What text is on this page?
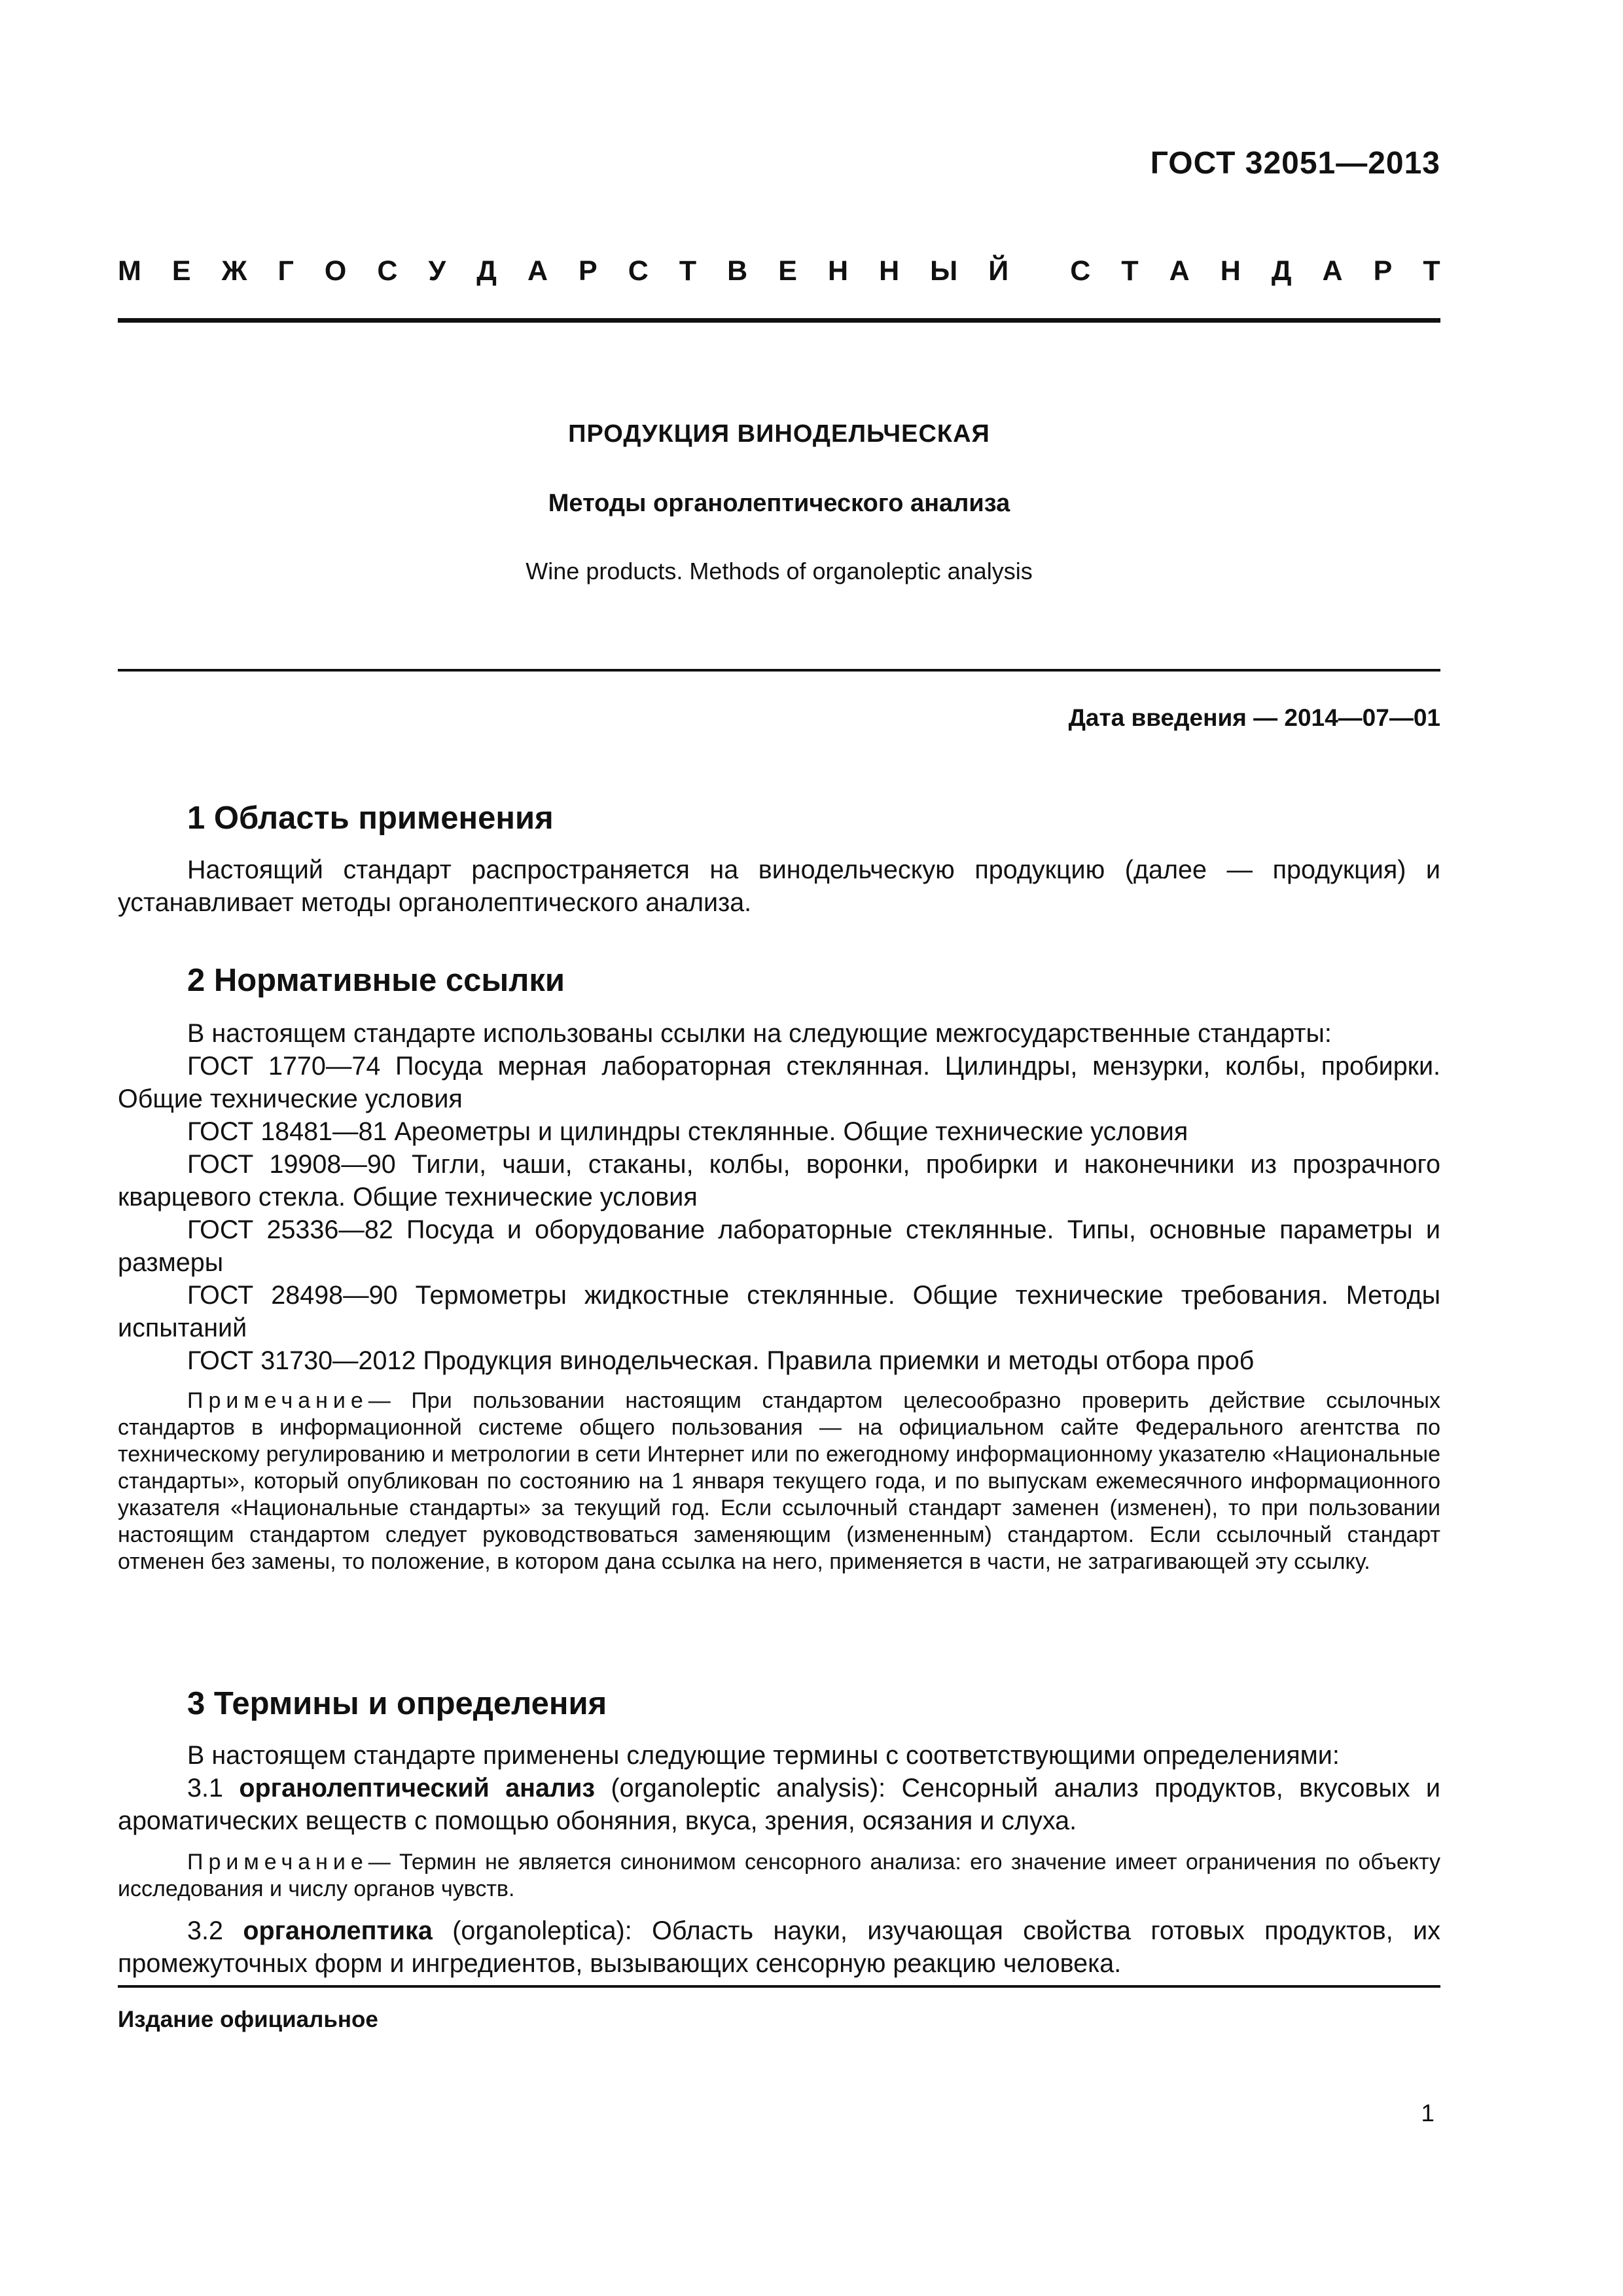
ГОСТ 32051—2013
М Е Ж Г О С У Д А Р С Т В Е Н Н Ы Й С Т А Н Д А Р Т
ПРОДУКЦИЯ ВИНОДЕЛЬЧЕСКАЯ
Методы органолептического анализа
Wine products. Methods of organoleptic analysis
Дата введения — 2014—07—01
1 Область применения

Настоящий стандарт распространяется на винодельческую продукцию (далее — продукция) и устанавливает методы органолептического анализа.

2 Нормативные ссылки

В настоящем стандарте использованы ссылки на следующие межгосударственные стандарты:

ГОСТ 1770—74 Посуда мерная лабораторная стеклянная. Цилиндры, мензурки, колбы, пробирки. Общие технические условия

ГОСТ 18481—81 Ареометры и цилиндры стеклянные. Общие технические условия

ГОСТ 19908—90 Тигли, чаши, стаканы, колбы, воронки, пробирки и наконечники из прозрачного кварцевого стекла. Общие технические условия

ГОСТ 25336—82 Посуда и оборудование лабораторные стеклянные. Типы, основные параметры и размеры

ГОСТ 28498—90 Термометры жидкостные стеклянные. Общие технические требования. Методы испытаний

ГОСТ 31730—2012 Продукция винодельческая. Правила приемки и методы отбора проб

Примечание— При пользовании настоящим стандартом целесообразно проверить действие ссылочных стандартов в информационной системе общего пользования — на официальном сайте Федерального агентства по техническому регулированию и метрологии в сети Интернет или по ежегодному информационному указателю «Национальные стандарты», который опубликован по состоянию на 1 января текущего года, и по выпускам ежемесячного информационного указателя «Национальные стандарты» за текущий год. Если ссылочный стандарт заменен (изменен), то при пользовании настоящим стандартом следует руководствоваться заменяющим (измененным) стандартом. Если ссылочный стандарт отменен без замены, то положение, в котором дана ссылка на него, применяется в части, не затрагивающей эту ссылку.

3 Термины и определения

В настоящем стандарте применены следующие термины с соответствующими определениями:

3.1 органолептический анализ (organoleptic analysis): Сенсорный анализ продуктов, вкусовых и ароматических веществ с помощью обоняния, вкуса, зрения, осязания и слуха.

Примечание— Термин не является синонимом сенсорного анализа: его значение имеет ограничения по объекту исследования и числу органов чувств.

3.2 органолептика (organoleptica): Область науки, изучающая свойства готовых продуктов, их промежуточных форм и ингредиентов, вызывающих сенсорную реакцию человека.

Издание официальное
1
